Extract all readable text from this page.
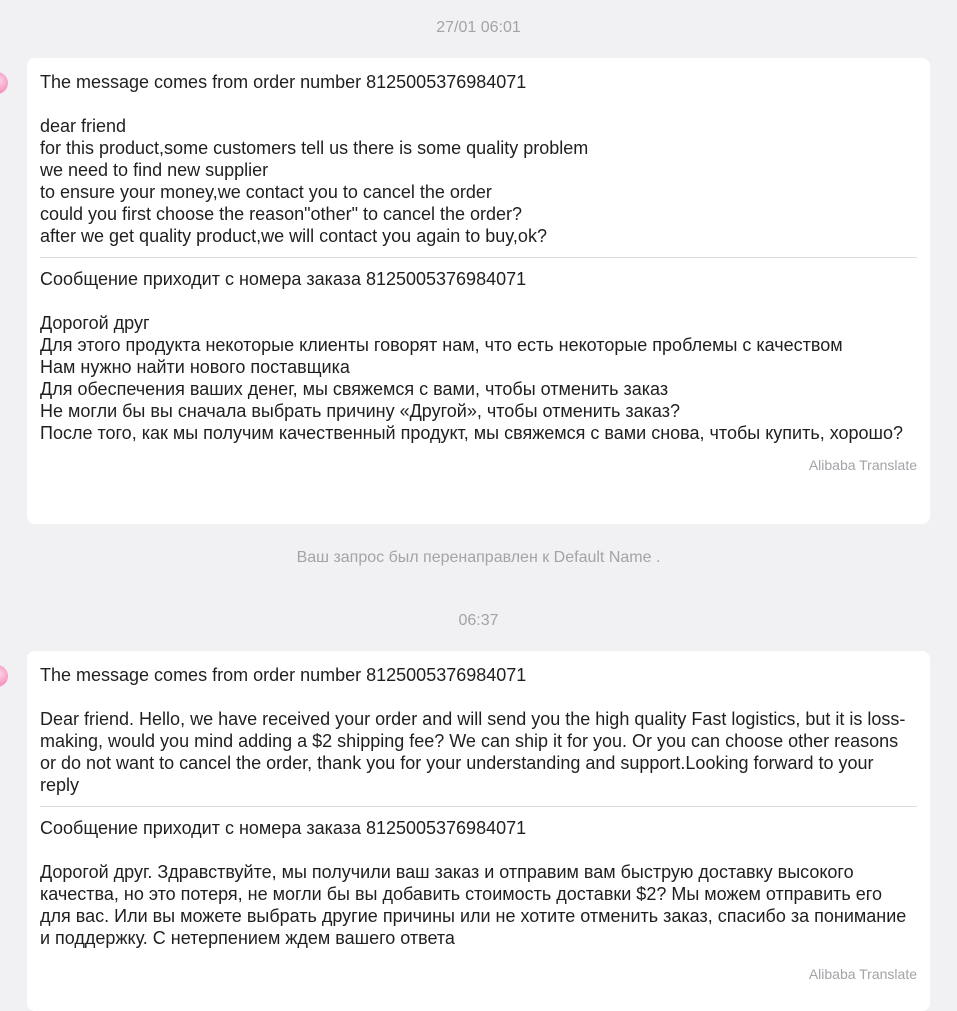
27/01 06:01
The message comes from order number 8125005376984071

dear friend
for this product,some customers tell us there is some quality problem
we need to find new supplier
to ensure your money,we contact you to cancel the order
could you first choose the reason"other" to cancel the order?
after we get quality product,we will contact you again to buy,ok?
Сообщение приходит с номера заказа 8125005376984071

Дорогой друг
Для этого продукта некоторые клиенты говорят нам, что есть некоторые проблемы с качеством
Нам нужно найти нового поставщика
Для обеспечения ваших денег, мы свяжемся с вами, чтобы отменить заказ
Не могли бы вы сначала выбрать причину «Другой», чтобы отменить заказ?
После того, как мы получим качественный продукт, мы свяжемся с вами снова, чтобы купить, хорошо?
Alibaba Translate
Ваш запрос был перенаправлен к Default Name .
06:37
The message comes from order number 8125005376984071

Dear friend. Hello, we have received your order and will send you the high quality Fast logistics, but it is loss-making, would you mind adding a $2 shipping fee? We can ship it for you. Or you can choose other reasons or do not want to cancel the order, thank you for your understanding and support.Looking forward to your reply
Сообщение приходит с номера заказа 8125005376984071

Дорогой друг. Здравствуйте, мы получили ваш заказ и отправим вам быструю доставку высокого качества, но это потеря, не могли бы вы добавить стоимость доставки $2? Мы можем отправить его для вас. Или вы можете выбрать другие причины или не хотите отменить заказ, спасибо за понимание и поддержку. С нетерпением ждем вашего ответа
Alibaba Translate
